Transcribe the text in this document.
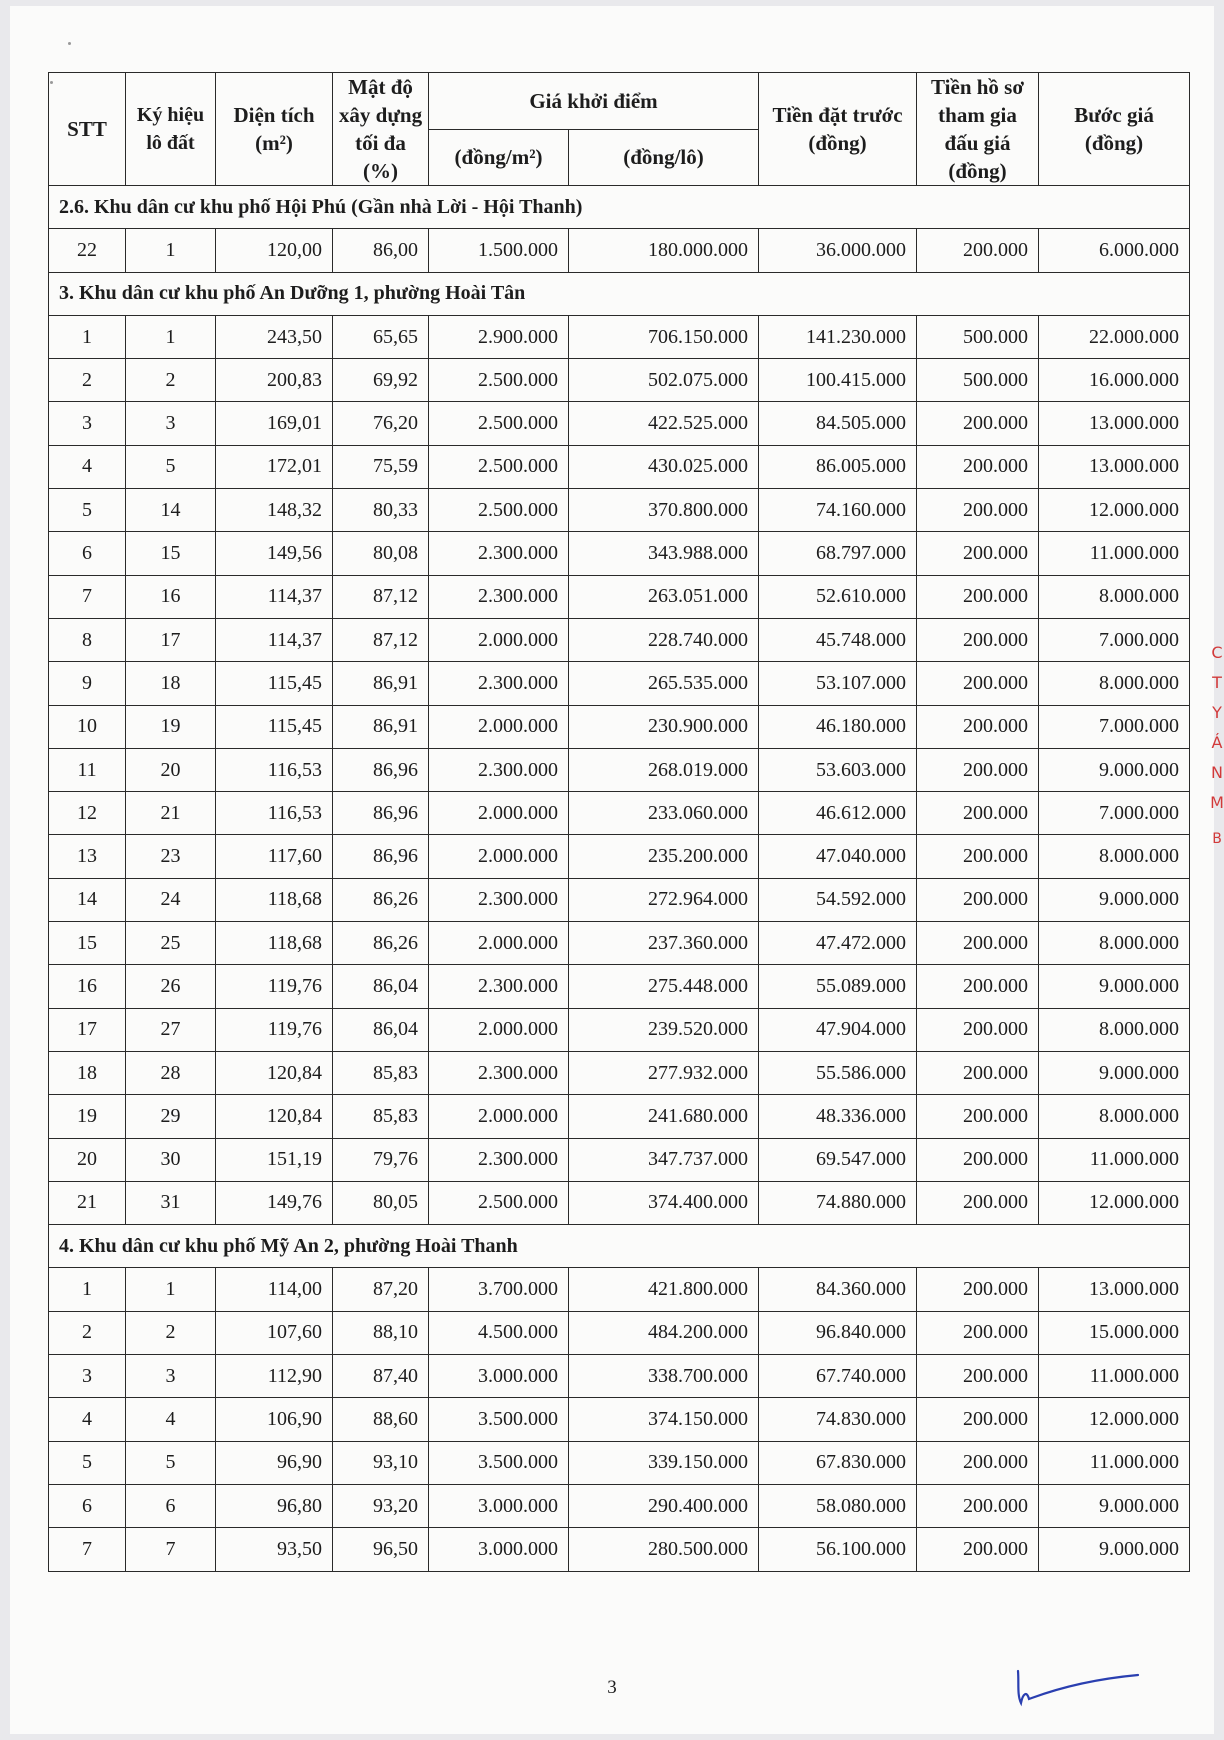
STT	Ký hiệu lô đất	Diện tích (m²)	Mật độ xây dựng tối đa (%)	Giá khởi điểm		Tiền đặt trước (đồng)	Tiền hồ sơ tham gia đấu giá (đồng)	Bước giá (đồng)
				(đồng/m²)	(đồng/lô)			
2.6. Khu dân cư khu phố Hội Phú (Gần nhà Lời - Hội Thanh)								
22	1	120,00	86,00	1.500.000	180.000.000	36.000.000	200.000	6.000.000
3. Khu dân cư khu phố An Dưỡng 1, phường Hoài Tân								
1	1	243,50	65,65	2.900.000	706.150.000	141.230.000	500.000	22.000.000
2	2	200,83	69,92	2.500.000	502.075.000	100.415.000	500.000	16.000.000
3	3	169,01	76,20	2.500.000	422.525.000	84.505.000	200.000	13.000.000
4	5	172,01	75,59	2.500.000	430.025.000	86.005.000	200.000	13.000.000
5	14	148,32	80,33	2.500.000	370.800.000	74.160.000	200.000	12.000.000
6	15	149,56	80,08	2.300.000	343.988.000	68.797.000	200.000	11.000.000
7	16	114,37	87,12	2.300.000	263.051.000	52.610.000	200.000	8.000.000
8	17	114,37	87,12	2.000.000	228.740.000	45.748.000	200.000	7.000.000
9	18	115,45	86,91	2.300.000	265.535.000	53.107.000	200.000	8.000.000
10	19	115,45	86,91	2.000.000	230.900.000	46.180.000	200.000	7.000.000
11	20	116,53	86,96	2.300.000	268.019.000	53.603.000	200.000	9.000.000
12	21	116,53	86,96	2.000.000	233.060.000	46.612.000	200.000	7.000.000
13	23	117,60	86,96	2.000.000	235.200.000	47.040.000	200.000	8.000.000
14	24	118,68	86,26	2.300.000	272.964.000	54.592.000	200.000	9.000.000
15	25	118,68	86,26	2.000.000	237.360.000	47.472.000	200.000	8.000.000
16	26	119,76	86,04	2.300.000	275.448.000	55.089.000	200.000	9.000.000
17	27	119,76	86,04	2.000.000	239.520.000	47.904.000	200.000	8.000.000
18	28	120,84	85,83	2.300.000	277.932.000	55.586.000	200.000	9.000.000
19	29	120,84	85,83	2.000.000	241.680.000	48.336.000	200.000	8.000.000
20	30	151,19	79,76	2.300.000	347.737.000	69.547.000	200.000	11.000.000
21	31	149,76	80,05	2.500.000	374.400.000	74.880.000	200.000	12.000.000
4. Khu dân cư khu phố Mỹ An 2, phường Hoài Thanh								
1	1	114,00	87,20	3.700.000	421.800.000	84.360.000	200.000	13.000.000
2	2	107,60	88,10	4.500.000	484.200.000	96.840.000	200.000	15.000.000
3	3	112,90	87,40	3.000.000	338.700.000	67.740.000	200.000	11.000.000
4	4	106,90	88,60	3.500.000	374.150.000	74.830.000	200.000	12.000.000
5	5	96,90	93,10	3.500.000	339.150.000	67.830.000	200.000	11.000.000
6	6	96,80	93,20	3.000.000	290.400.000	58.080.000	200.000	9.000.000
7	7	93,50	96,50	3.000.000	280.500.000	56.100.000	200.000	9.000.000
C
T
Y
Á
N
M
B
3
